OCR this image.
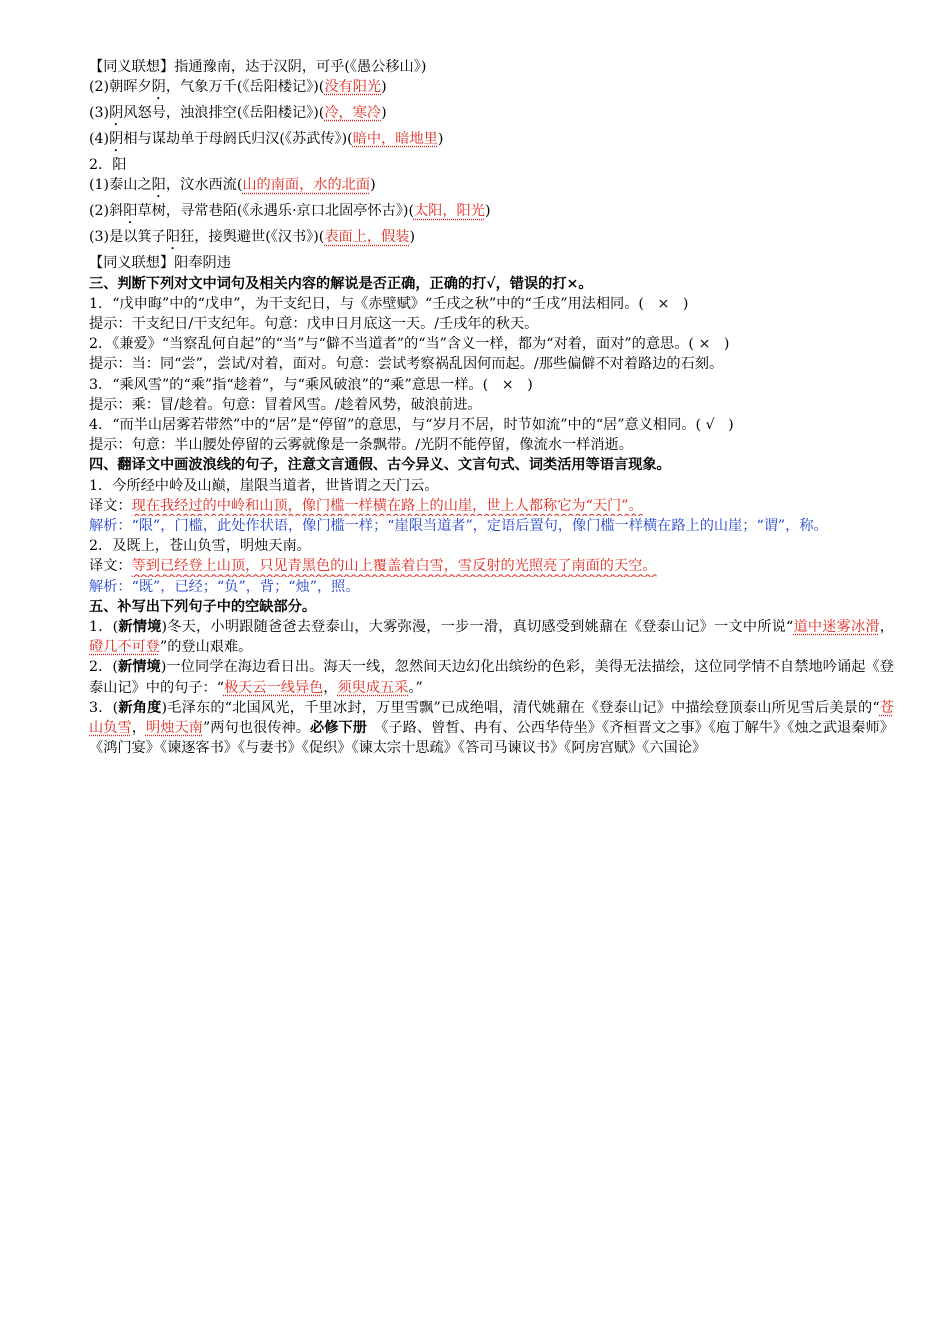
【同义联想】指通豫南，达于汉阴，可乎(《愚公移山》)
(2)朝晖夕阴，气象万千(《岳阳楼记》)(没有阳光)
(3)阴风怒号，浊浪排空(《岳阳楼记》)(冷，寒冷)
(4)阴相与谋劫单于母阏氏归汉(《苏武传》)(暗中，暗地里)
2．阳
(1)泰山之阳，汶水西流(山的南面，水的北面)
(2)斜阳草树，寻常巷陌(《永遇乐·京口北固亭怀古》)(太阳，阳光)
(3)是以箕子阳狂，接舆避世(《汉书》)(表面上，假装)
【同义联想】阳奉阴违
三、判断下列对文中词句及相关内容的解说是否正确，正确的打√，错误的打×。
1．“戊申晦”中的“戊申”，为干支纪日，与《赤壁赋》“壬戌之秋”中的“壬戌”用法相同。( × )
提示：干支纪日/干支纪年。句意：戊申日月底这一天。/壬戌年的秋天。
2．《兼爱》“当察乱何自起”的“当”与“僻不当道者”的“当”含义一样，都为“对着，面对”的意思。( × )
提示：当：同“尝”，尝试/对着，面对。句意：尝试考察祸乱因何而起。/那些偏僻不对着路边的石刻。
3．“乘风雪”的“乘”指“趁着”，与“乘风破浪”的“乘”意思一样。( × )
提示：乘：冒/趁着。句意：冒着风雪。/趁着风势，破浪前进。
4．“而半山居雾若带然”中的“居”是“停留”的意思，与“岁月不居，时节如流”中的“居”意义相同。( √ )
提示：句意：半山腰处停留的云雾就像是一条飘带。/光阴不能停留，像流水一样消逝。
四、翻译文中画波浪线的句子，注意文言通假、古今异义、文言句式、词类活用等语言现象。
1．今所经中岭及山巅，崖限当道者，世皆谓之天门云。
译文：现在我经过的中岭和山顶，像门槛一样横在路上的山崖，世上人都称它为“天门”。
解析：“限”，门槛，此处作状语，像门槛一样；“崖限当道者”，定语后置句，像门槛一样横在路上的山崖；“谓”，称。
2．及既上，苍山负雪，明烛天南。
译文：等到已经登上山顶，只见青黑色的山上覆盖着白雪，雪反射的光照亮了南面的天空。
解析：“既”，已经；“负”，背；“烛”，照。
五、补写出下列句子中的空缺部分。
1．(新情境)冬天，小明跟随爸爸去登泰山，大雾弥漫，一步一滑，真切感受到姚鼐在《登泰山记》一文中所说“道中迷雾冰滑，磴几不可登”的登山艰难。
2．(新情境)一位同学在海边看日出。海天一线，忽然间天边幻化出缤纷的色彩，美得无法描绘，这位同学情不自禁地吟诵起《登泰山记》中的句子：“极天云一线异色，须臾成五采。”
3．(新角度)毛泽东的“北国风光，千里冰封，万里雪飘”已成绝唱，清代姚鼐在《登泰山记》中描绘登顶泰山所见雪后美景的“苍山负雪，明烛天南”两句也很传神。必修下册　《子路、曾皙、冉有、公西华侍坐》《齐桓晋文之事》《庖丁解牛》《烛之武退秦师》《鸿门宴》《谏逐客书》《与妻书》《促织》《谏太宗十思疏》《答司马谏议书》《阿房宫赋》《六国论》
